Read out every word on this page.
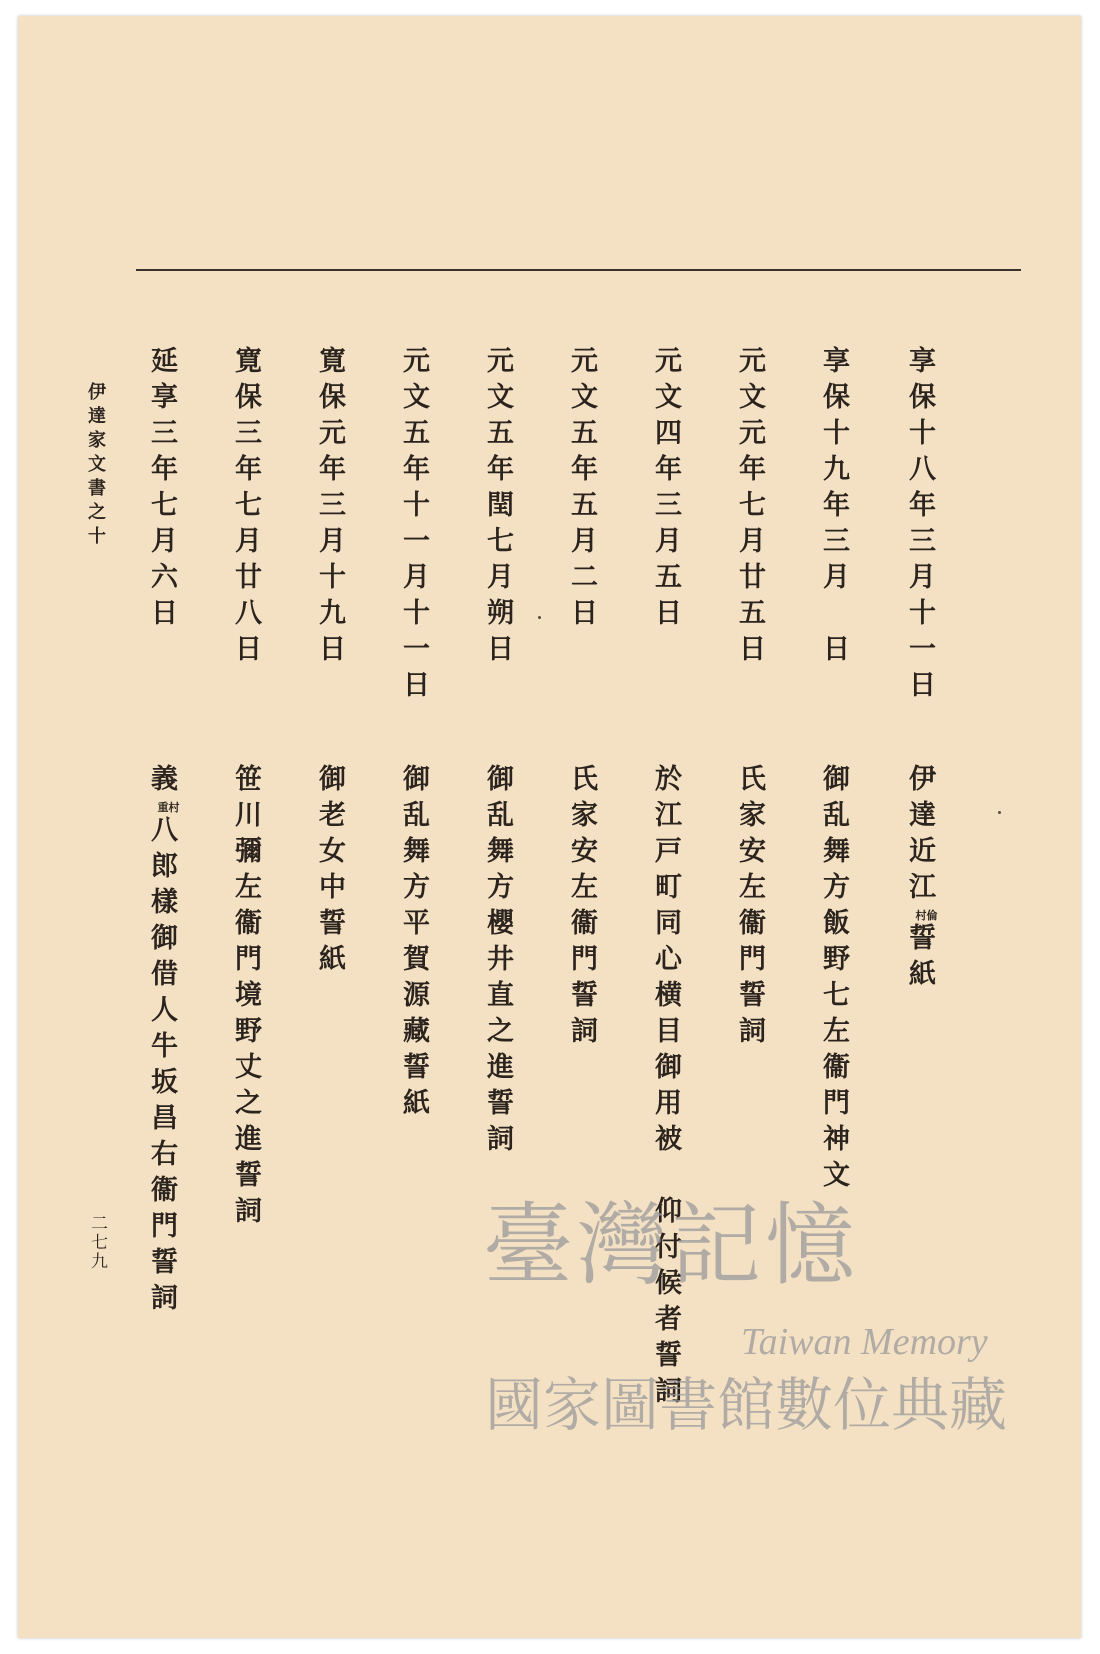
享保十八年三月十一日
伊達近江村倫誓紙
享保十九年三月　日
御乱舞方飯野七左衞門神文
元文元年七月廿五日
氏家安左衞門誓詞
元文四年三月五日
於江戸町同心横目御用被　仰付候者誓詞
元文五年五月二日
氏家安左衞門誓詞
元文五年閏七月朔日
御乱舞方櫻井直之進誓詞
元文五年十一月十一日
御乱舞方平賀源藏誓紙
寛保元年三月十九日
御老女中誓紙
寛保三年七月廿八日
笹川彌左衞門境野丈之進誓詞
延享三年七月六日
義重村八郎樣御借人牛坂昌右衞門誓詞
伊達家文書之十
二七九	臺灣記憶
Taiwan Memory
國家圖書館數位典藏
